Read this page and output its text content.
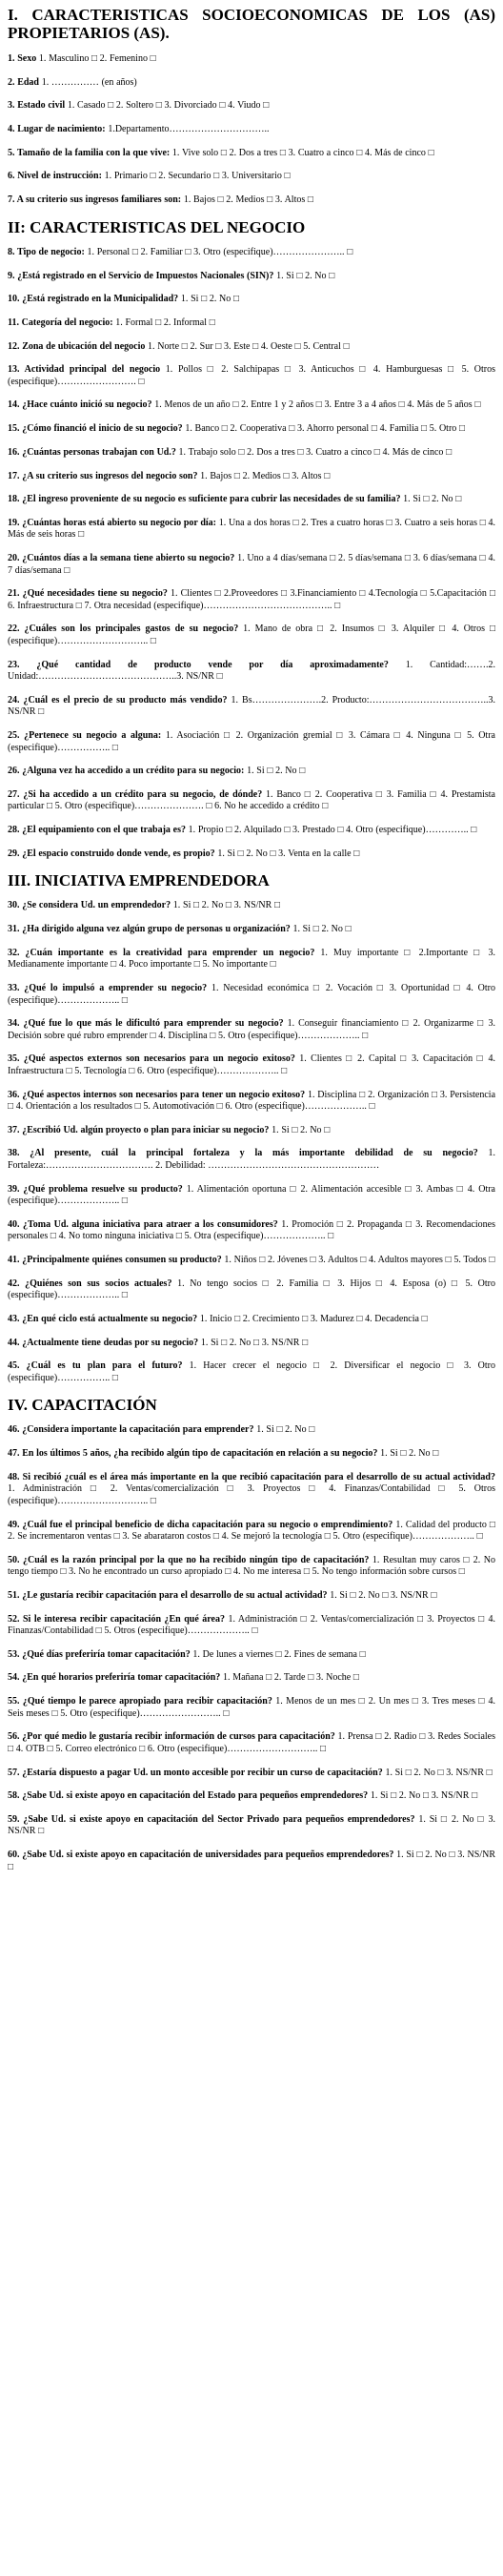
I. CARACTERISTICAS SOCIOECONOMICAS DE LOS (AS) PROPIETARIOS (AS).
1. Sexo 1. Masculino □ 2. Femenino □
2. Edad 1. …………… (en años)
3. Estado civil 1. Casado □ 2. Soltero □ 3. Divorciado □ 4. Viudo □
4. Lugar de nacimiento: 1.Departamento…………………………..
5. Tamaño de la familia con la que vive: 1. Vive solo □ 2. Dos a tres □ 3. Cuatro a cinco □ 4. Más de cinco □
6. Nivel de instrucción: 1. Primario □ 2. Secundario □ 3. Universitario □
7. A su criterio sus ingresos familiares son: 1. Bajos □ 2. Medios □ 3. Altos □
II: CARACTERISTICAS DEL NEGOCIO
8. Tipo de negocio: 1. Personal □ 2. Familiar □ 3. Otro (especifique)………………….. □
9. ¿Está registrado en el Servicio de Impuestos Nacionales (SIN)? 1. Si □ 2. No □
10. ¿Está registrado en la Municipalidad? 1. Si □ 2. No □
11. Categoría del negocio: 1. Formal □ 2. Informal □
12. Zona de ubicación del negocio 1. Norte □ 2. Sur □ 3. Este □ 4. Oeste □ 5. Central □
13. Actividad principal del negocio 1. Pollos □ 2. Salchipapas □ 3. Anticuchos □ 4. Hamburguesas □ 5. Otros (especifique)……………………. □
14. ¿Hace cuánto inició su negocio? 1. Menos de un año □ 2. Entre 1 y 2 años □ 3. Entre 3 a 4 años □ 4. Más de 5 años □
15. ¿Cómo financió el inicio de su negocio? 1. Banco □ 2. Cooperativa □ 3. Ahorro personal □ 4. Familia □ 5. Otro □
16. ¿Cuántas personas trabajan con Ud.? 1. Trabajo solo □ 2. Dos a tres □ 3. Cuatro a cinco □ 4. Más de cinco □
17. ¿A su criterio sus ingresos del negocio son? 1. Bajos □ 2. Medios □ 3. Altos □
18. ¿El ingreso proveniente de su negocio es suficiente para cubrir las necesidades de su familia? 1. Si □ 2. No □
19. ¿Cuántas horas está abierto su negocio por día: 1. Una a dos horas □ 2. Tres a cuatro horas □ 3. Cuatro a seis horas □ 4. Más de seis horas □
20. ¿Cuántos días a la semana tiene abierto su negocio? 1. Uno a 4 días/semana □ 2. 5 días/semana □ 3. 6 días/semana □ 4. 7 días/semana □
21. ¿Qué necesidades tiene su negocio? 1. Clientes □ 2.Proveedores □ 3.Financiamiento □ 4.Tecnología □ 5.Capacitación □ 6. Infraestructura □ 7. Otra necesidad (especifique)………………………………….. □
22. ¿Cuáles son los principales gastos de su negocio? 1. Mano de obra □ 2. Insumos □ 3. Alquiler □ 4. Otros □ (especifique)……………………….. □
23. ¿Qué cantidad de producto vende por día aproximadamente? 1. Cantidad:…….2. Unidad:……………………………………..3. NS/NR □
24. ¿Cuál es el precio de su producto más vendido? 1. Bs………………….2. Producto:………………………………..3. NS/NR □
25. ¿Pertenece su negocio a alguna: 1. Asociación □ 2. Organización gremial □ 3. Cámara □ 4. Ninguna □ 5. Otra (especifique)…………….. □
26. ¿Alguna vez ha accedido a un crédito para su negocio: 1. Si □ 2. No □
27. ¿Si ha accedido a un crédito para su negocio, de dónde? 1. Banco □ 2. Cooperativa □ 3. Familia □ 4. Prestamista particular □ 5. Otro (especifique)…………………. □ 6. No he accedido a crédito □
28. ¿El equipamiento con el que trabaja es? 1. Propio □ 2. Alquilado □ 3. Prestado □ 4. Otro (especifique)………….. □
29. ¿El espacio construido donde vende, es propio? 1. Si □ 2. No □ 3. Venta en la calle □
III. INICIATIVA EMPRENDEDORA
30. ¿Se considera Ud. un emprendedor? 1. Si □ 2. No □ 3. NS/NR □
31. ¿Ha dirigido alguna vez algún grupo de personas u organización? 1. Si □ 2. No □
32. ¿Cuán importante es la creatividad para emprender un negocio? 1. Muy importante □ 2.Importante □ 3. Medianamente importante □ 4. Poco importante □ 5. No importante □
33. ¿Qué lo impulsó a emprender su negocio? 1. Necesidad económica □ 2. Vocación □ 3. Oportunidad □ 4. Otro (especifique)……………….. □
34. ¿Qué fue lo que más le dificultó para emprender su negocio? 1. Conseguir financiamiento □ 2. Organizarme □ 3. Decisión sobre qué rubro emprender □ 4. Disciplina □ 5. Otro (especifique)……………….. □
35. ¿Qué aspectos externos son necesarios para un negocio exitoso? 1. Clientes □ 2. Capital □ 3. Capacitación □ 4. Infraestructura □ 5. Tecnología □ 6. Otro (especifique)……………….. □
36. ¿Qué aspectos internos son necesarios para tener un negocio exitoso? 1. Disciplina □ 2. Organización □ 3. Persistencia □ 4. Orientación a los resultados □ 5. Automotivación □ 6. Otro (especifique)……………….. □
37. ¿Escribió Ud. algún proyecto o plan para iniciar su negocio? 1. Si □ 2. No □
38. ¿Al presente, cuál la principal fortaleza y la más importante debilidad de su negocio? 1. Fortaleza:……………………………. 2. Debilidad: ………………………………………………
39. ¿Qué problema resuelve su producto? 1. Alimentación oportuna □ 2. Alimentación accesible □ 3. Ambas □ 4. Otra (especifique)……………….. □
40. ¿Toma Ud. alguna iniciativa para atraer a los consumidores? 1. Promoción □ 2. Propaganda □ 3. Recomendaciones personales □ 4. No tomo ninguna iniciativa □ 5. Otra (especifique)……………….. □
41. ¿Principalmente quiénes consumen su producto? 1. Niños □ 2. Jóvenes □ 3. Adultos □ 4. Adultos mayores □ 5. Todos □
42. ¿Quiénes son sus socios actuales? 1. No tengo socios □ 2. Familia □ 3. Hijos □ 4. Esposa (o) □ 5. Otro (especifique)……………….. □
43. ¿En qué ciclo está actualmente su negocio? 1. Inicio □ 2. Crecimiento □ 3. Madurez □ 4. Decadencia □
44. ¿Actualmente tiene deudas por su negocio? 1. Si □ 2. No □ 3. NS/NR □
45. ¿Cuál es tu plan para el futuro? 1. Hacer crecer el negocio □ 2. Diversificar el negocio □ 3. Otro (especifique)…………….. □
IV. CAPACITACIÓN
46. ¿Considera importante la capacitación para emprender? 1. Si □ 2. No □
47. En los últimos 5 años, ¿ha recibido algún tipo de capacitación en relación a su negocio? 1. Si □ 2. No □
48. Si recibió ¿cuál es el área más importante en la que recibió capacitación para el desarrollo de su actual actividad? 1. Administración □ 2. Ventas/comercialización □ 3. Proyectos □ 4. Finanzas/Contabilidad □ 5. Otros (especifique)……………………….. □
49. ¿Cuál fue el principal beneficio de dicha capacitación para su negocio o emprendimiento? 1. Calidad del producto □ 2. Se incrementaron ventas □ 3. Se abarataron costos □ 4. Se mejoró la tecnología □ 5. Otro (especifique)……………….. □
50. ¿Cuál es la razón principal por la que no ha recibido ningún tipo de capacitación? 1. Resultan muy caros □ 2. No tengo tiempo □ 3. No he encontrado un curso apropiado □ 4. No me interesa □ 5. No tengo información sobre cursos □
51. ¿Le gustaría recibir capacitación para el desarrollo de su actual actividad? 1. Si □ 2. No □ 3. NS/NR □
52. Si le interesa recibir capacitación ¿En qué área? 1. Administración □ 2. Ventas/comercialización □ 3. Proyectos □ 4. Finanzas/Contabilidad □ 5. Otros (especifique)……………….. □
53. ¿Qué días preferiría tomar capacitación? 1. De lunes a viernes □ 2. Fines de semana □
54. ¿En qué horarios preferiría tomar capacitación? 1. Mañana □ 2. Tarde □ 3. Noche □
55. ¿Qué tiempo le parece apropiado para recibir capacitación? 1. Menos de un mes □ 2. Un mes □ 3. Tres meses □ 4. Seis meses □ 5. Otro (especifique)…………………….. □
56. ¿Por qué medio le gustaría recibir información de cursos para capacitación? 1. Prensa □ 2. Radio □ 3. Redes Sociales □ 4. OTB □ 5. Correo electrónico □ 6. Otro (especifique)……………………….. □
57. ¿Estaría dispuesto a pagar Ud. un monto accesible por recibir un curso de capacitación? 1. Si □ 2. No □ 3. NS/NR □
58. ¿Sabe Ud. si existe apoyo en capacitación del Estado para pequeños emprendedores? 1. Si □ 2. No □ 3. NS/NR □
59. ¿Sabe Ud. si existe apoyo en capacitación del Sector Privado para pequeños emprendedores? 1. Si □ 2. No □ 3. NS/NR □
60. ¿Sabe Ud. si existe apoyo en capacitación de universidades para pequeños emprendedores? 1. Si □ 2. No □ 3. NS/NR □
